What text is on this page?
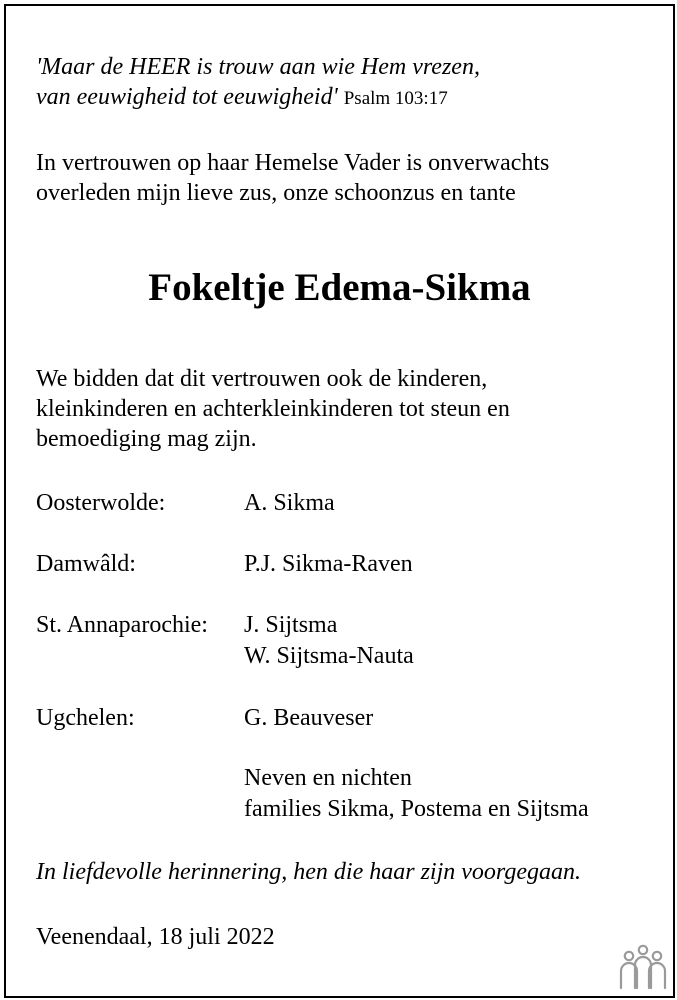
'Maar de HEER is trouw aan wie Hem vrezen,
van eeuwigheid tot eeuwigheid' Psalm 103:17
In vertrouwen op haar Hemelse Vader is onverwachts
overleden mijn lieve zus, onze schoonzus en tante
Fokeltje Edema-Sikma
We bidden dat dit vertrouwen ook de kinderen,
kleinkinderen en achterkleinkinderen tot steun en
bemoediging mag zijn.
Oosterwolde:	A. Sikma
Damwâld:	P.J. Sikma-Raven
St. Annaparochie: J. Sijtsma
W. Sijtsma-Nauta
Ugchelen:	G. Beauveser
Neven en nichten
families Sikma, Postema en Sijtsma
In liefdevolle herinnering, hen die haar zijn voorgegaan.
Veenendaal, 18 juli 2022
